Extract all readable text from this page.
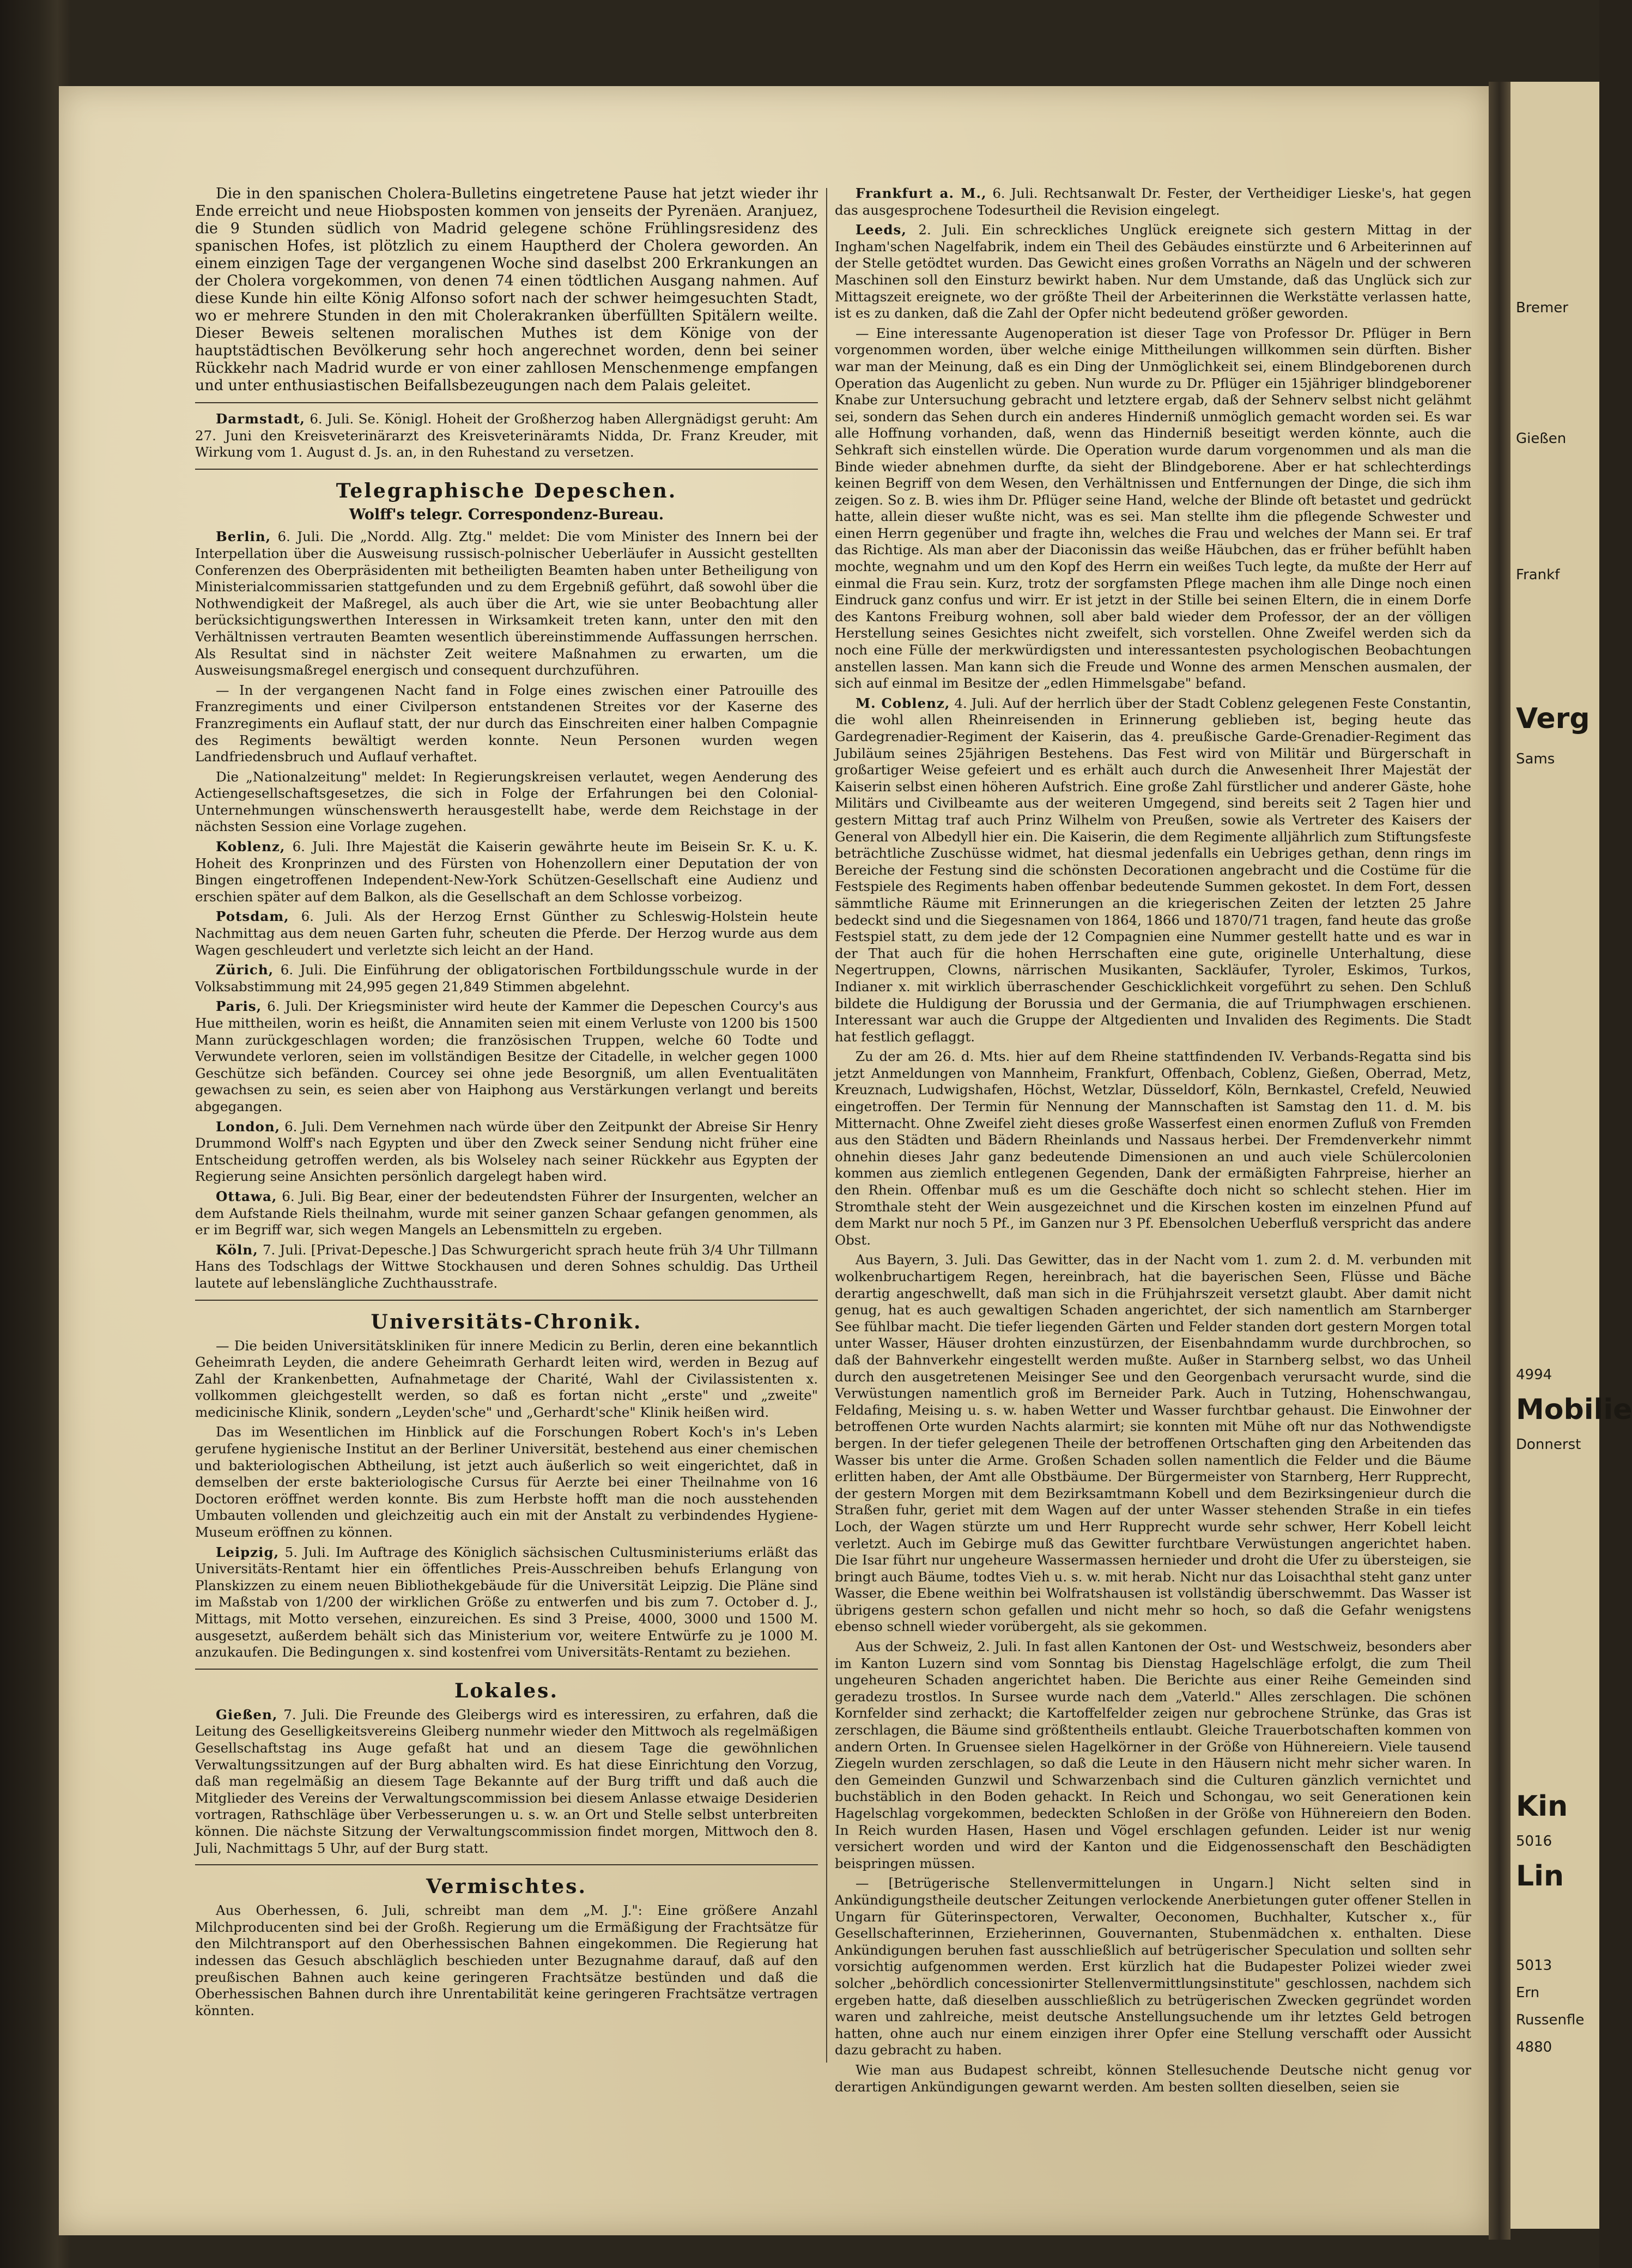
Bremer
Gießen
Frankf
Verg
Sams
4994
Mobilie
Donnerst
Kin
5016
Lin
5013
Ern
Russenfle
4880

Die in den spanischen Cholera-Bulletins eingetretene Pause hat jetzt wieder ihr Ende erreicht und neue Hiobsposten kommen von jenseits der Pyrenäen. Aranjuez, die 9 Stunden südlich von Madrid gelegene schöne Frühlingsresidenz des spanischen Hofes, ist plötzlich zu einem Hauptherd der Cholera geworden. An einem einzigen Tage der vergangenen Woche sind daselbst 200 Erkrankungen an der Cholera vorgekommen, von denen 74 einen tödtlichen Ausgang nahmen. Auf diese Kunde hin eilte König Alfonso sofort nach der schwer heimgesuchten Stadt, wo er mehrere Stunden in den mit Cholerakranken überfüllten Spitälern weilte. Dieser Beweis seltenen moralischen Muthes ist dem Könige von der hauptstädtischen Bevölkerung sehr hoch angerechnet worden, denn bei seiner Rückkehr nach Madrid wurde er von einer zahllosen Menschenmenge empfangen und unter enthusiastischen Beifallsbezeugungen nach dem Palais geleitet.

Darmstadt, 6. Juli. Se. Königl. Hoheit der Großherzog haben Allergnädigst geruht: Am 27. Juni den Kreisveterinärarzt des Kreisveterinäramts Nidda, Dr. Franz Kreuder, mit Wirkung vom 1. August d. Js. an, in den Ruhestand zu versetzen.

Telegraphische Depeschen.
Wolff's telegr. Correspondenz-Bureau.

Berlin, 6. Juli. Die „Nordd. Allg. Ztg." meldet: Die vom Minister des Innern bei der Interpellation über die Ausweisung russisch-polnischer Ueberläufer in Aussicht gestellten Conferenzen des Oberpräsidenten mit betheiligten Beamten haben unter Betheiligung von Ministerialcommissarien stattgefunden und zu dem Ergebniß geführt, daß sowohl über die Nothwendigkeit der Maßregel, als auch über die Art, wie sie unter Beobachtung aller berücksichtigungswerthen Interessen in Wirksamkeit treten kann, unter den mit den Verhältnissen vertrauten Beamten wesentlich übereinstimmende Auffassungen herrschen. Als Resultat sind in nächster Zeit weitere Maßnahmen zu erwarten, um die Ausweisungsmaßregel energisch und consequent durchzuführen.

— In der vergangenen Nacht fand in Folge eines zwischen einer Patrouille des Franzregiments und einer Civilperson entstandenen Streites vor der Kaserne des Franzregiments ein Auflauf statt, der nur durch das Einschreiten einer halben Compagnie des Regiments bewältigt werden konnte. Neun Personen wurden wegen Landfriedensbruch und Auflauf verhaftet.

Die „Nationalzeitung" meldet: In Regierungskreisen verlautet, wegen Aenderung des Actiengesellschaftsgesetzes, die sich in Folge der Erfahrungen bei den Colonial-Unternehmungen wünschenswerth herausgestellt habe, werde dem Reichstage in der nächsten Session eine Vorlage zugehen.

Koblenz, 6. Juli. Ihre Majestät die Kaiserin gewährte heute im Beisein Sr. K. u. K. Hoheit des Kronprinzen und des Fürsten von Hohenzollern einer Deputation der von Bingen eingetroffenen Independent-New-York Schützen-Gesellschaft eine Audienz und erschien später auf dem Balkon, als die Gesellschaft an dem Schlosse vorbeizog.

Potsdam, 6. Juli. Als der Herzog Ernst Günther zu Schleswig-Holstein heute Nachmittag aus dem neuen Garten fuhr, scheuten die Pferde. Der Herzog wurde aus dem Wagen geschleudert und verletzte sich leicht an der Hand.

Zürich, 6. Juli. Die Einführung der obligatorischen Fortbildungsschule wurde in der Volksabstimmung mit 24,995 gegen 21,849 Stimmen abgelehnt.

Paris, 6. Juli. Der Kriegsminister wird heute der Kammer die Depeschen Courcy's aus Hue mittheilen, worin es heißt, die Annamiten seien mit einem Verluste von 1200 bis 1500 Mann zurückgeschlagen worden; die französischen Truppen, welche 60 Todte und Verwundete verloren, seien im vollständigen Besitze der Citadelle, in welcher gegen 1000 Geschütze sich befänden. Courcey sei ohne jede Besorgniß, um allen Eventualitäten gewachsen zu sein, es seien aber von Haiphong aus Verstärkungen verlangt und bereits abgegangen.

London, 6. Juli. Dem Vernehmen nach würde über den Zeitpunkt der Abreise Sir Henry Drummond Wolff's nach Egypten und über den Zweck seiner Sendung nicht früher eine Entscheidung getroffen werden, als bis Wolseley nach seiner Rückkehr aus Egypten der Regierung seine Ansichten persönlich dargelegt haben wird.

Ottawa, 6. Juli. Big Bear, einer der bedeutendsten Führer der Insurgenten, welcher an dem Aufstande Riels theilnahm, wurde mit seiner ganzen Schaar gefangen genommen, als er im Begriff war, sich wegen Mangels an Lebensmitteln zu ergeben.

Köln, 7. Juli. [Privat-Depesche.] Das Schwurgericht sprach heute früh 3/4 Uhr Tillmann Hans des Todschlags der Wittwe Stockhausen und deren Sohnes schuldig. Das Urtheil lautete auf lebenslängliche Zuchthausstrafe.

Universitäts-Chronik.

— Die beiden Universitätskliniken für innere Medicin zu Berlin, deren eine bekanntlich Geheimrath Leyden, die andere Geheimrath Gerhardt leiten wird, werden in Bezug auf Zahl der Krankenbetten, Aufnahmetage der Charité, Wahl der Civilassistenten x. vollkommen gleichgestellt werden, so daß es fortan nicht „erste" und „zweite" medicinische Klinik, sondern „Leyden'sche" und „Gerhardt'sche" Klinik heißen wird.

Das im Wesentlichen im Hinblick auf die Forschungen Robert Koch's in's Leben gerufene hygienische Institut an der Berliner Universität, bestehend aus einer chemischen und bakteriologischen Abtheilung, ist jetzt auch äußerlich so weit eingerichtet, daß in demselben der erste bakteriologische Cursus für Aerzte bei einer Theilnahme von 16 Doctoren eröffnet werden konnte. Bis zum Herbste hofft man die noch ausstehenden Umbauten vollenden und gleichzeitig auch ein mit der Anstalt zu verbindendes Hygiene-Museum eröffnen zu können.

Leipzig, 5. Juli. Im Auftrage des Königlich sächsischen Cultusministeriums erläßt das Universitäts-Rentamt hier ein öffentliches Preis-Ausschreiben behufs Erlangung von Planskizzen zu einem neuen Bibliothekgebäude für die Universität Leipzig. Die Pläne sind im Maßstab von 1/200 der wirklichen Größe zu entwerfen und bis zum 7. October d. J., Mittags, mit Motto versehen, einzureichen. Es sind 3 Preise, 4000, 3000 und 1500 M. ausgesetzt, außerdem behält sich das Ministerium vor, weitere Entwürfe zu je 1000 M. anzukaufen. Die Bedingungen x. sind kostenfrei vom Universitäts-Rentamt zu beziehen.

Lokales.

Gießen, 7. Juli. Die Freunde des Gleibergs wird es interessiren, zu erfahren, daß die Leitung des Geselligkeitsvereins Gleiberg nunmehr wieder den Mittwoch als regelmäßigen Gesellschaftstag ins Auge gefaßt hat und an diesem Tage die gewöhnlichen Verwaltungssitzungen auf der Burg abhalten wird. Es hat diese Einrichtung den Vorzug, daß man regelmäßig an diesem Tage Bekannte auf der Burg trifft und daß auch die Mitglieder des Vereins der Verwaltungscommission bei diesem Anlasse etwaige Desiderien vortragen, Rathschläge über Verbesserungen u. s. w. an Ort und Stelle selbst unterbreiten können. Die nächste Sitzung der Verwaltungscommission findet morgen, Mittwoch den 8. Juli, Nachmittags 5 Uhr, auf der Burg statt.

Vermischtes.

Aus Oberhessen, 6. Juli, schreibt man dem „M. J.": Eine größere Anzahl Milchproducenten sind bei der Großh. Regierung um die Ermäßigung der Frachtsätze für den Milchtransport auf den Oberhessischen Bahnen eingekommen. Die Regierung hat indessen das Gesuch abschläglich beschieden unter Bezugnahme darauf, daß auf den preußischen Bahnen auch keine geringeren Frachtsätze bestünden und daß die Oberhessischen Bahnen durch ihre Unrentabilität keine geringeren Frachtsätze vertragen könnten.

Frankfurt a. M., 6. Juli. Rechtsanwalt Dr. Fester, der Vertheidiger Lieske's, hat gegen das ausgesprochene Todesurtheil die Revision eingelegt.

Leeds, 2. Juli. Ein schreckliches Unglück ereignete sich gestern Mittag in der Ingham'schen Nagelfabrik, indem ein Theil des Gebäudes einstürzte und 6 Arbeiterinnen auf der Stelle getödtet wurden. Das Gewicht eines großen Vorraths an Nägeln und der schweren Maschinen soll den Einsturz bewirkt haben. Nur dem Umstande, daß das Unglück sich zur Mittagszeit ereignete, wo der größte Theil der Arbeiterinnen die Werkstätte verlassen hatte, ist es zu danken, daß die Zahl der Opfer nicht bedeutend größer geworden.

— Eine interessante Augenoperation ist dieser Tage von Professor Dr. Pflüger in Bern vorgenommen worden, über welche einige Mittheilungen willkommen sein dürften. Bisher war man der Meinung, daß es ein Ding der Unmöglichkeit sei, einem Blindgeborenen durch Operation das Augenlicht zu geben. Nun wurde zu Dr. Pflüger ein 15jähriger blindgeborener Knabe zur Untersuchung gebracht und letztere ergab, daß der Sehnerv selbst nicht gelähmt sei, sondern das Sehen durch ein anderes Hinderniß unmöglich gemacht worden sei. Es war alle Hoffnung vorhanden, daß, wenn das Hinderniß beseitigt werden könnte, auch die Sehkraft sich einstellen würde. Die Operation wurde darum vorgenommen und als man die Binde wieder abnehmen durfte, da sieht der Blindgeborene. Aber er hat schlechterdings keinen Begriff von dem Wesen, den Verhältnissen und Entfernungen der Dinge, die sich ihm zeigen. So z. B. wies ihm Dr. Pflüger seine Hand, welche der Blinde oft betastet und gedrückt hatte, allein dieser wußte nicht, was es sei. Man stellte ihm die pflegende Schwester und einen Herrn gegenüber und fragte ihn, welches die Frau und welches der Mann sei. Er traf das Richtige. Als man aber der Diaconissin das weiße Häubchen, das er früher befühlt haben mochte, wegnahm und um den Kopf des Herrn ein weißes Tuch legte, da mußte der Herr auf einmal die Frau sein. Kurz, trotz der sorgfamsten Pflege machen ihm alle Dinge noch einen Eindruck ganz confus und wirr. Er ist jetzt in der Stille bei seinen Eltern, die in einem Dorfe des Kantons Freiburg wohnen, soll aber bald wieder dem Professor, der an der völligen Herstellung seines Gesichtes nicht zweifelt, sich vorstellen. Ohne Zweifel werden sich da noch eine Fülle der merkwürdigsten und interessantesten psychologischen Beobachtungen anstellen lassen. Man kann sich die Freude und Wonne des armen Menschen ausmalen, der sich auf einmal im Besitze der „edlen Himmelsgabe" befand.

M. Coblenz, 4. Juli. Auf der herrlich über der Stadt Coblenz gelegenen Feste Constantin, die wohl allen Rheinreisenden in Erinnerung geblieben ist, beging heute das Gardegrenadier-Regiment der Kaiserin, das 4. preußische Garde-Grenadier-Regiment das Jubiläum seines 25jährigen Bestehens. Das Fest wird von Militär und Bürgerschaft in großartiger Weise gefeiert und es erhält auch durch die Anwesenheit Ihrer Majestät der Kaiserin selbst einen höheren Aufstrich. Eine große Zahl fürstlicher und anderer Gäste, hohe Militärs und Civilbeamte aus der weiteren Umgegend, sind bereits seit 2 Tagen hier und gestern Mittag traf auch Prinz Wilhelm von Preußen, sowie als Vertreter des Kaisers der General von Albedyll hier ein. Die Kaiserin, die dem Regimente alljährlich zum Stiftungsfeste beträchtliche Zuschüsse widmet, hat diesmal jedenfalls ein Uebriges gethan, denn rings im Bereiche der Festung sind die schönsten Decorationen angebracht und die Costüme für die Festspiele des Regiments haben offenbar bedeutende Summen gekostet. In dem Fort, dessen sämmtliche Räume mit Erinnerungen an die kriegerischen Zeiten der letzten 25 Jahre bedeckt sind und die Siegesnamen von 1864, 1866 und 1870/71 tragen, fand heute das große Festspiel statt, zu dem jede der 12 Compagnien eine Nummer gestellt hatte und es war in der That auch für die hohen Herrschaften eine gute, originelle Unterhaltung, diese Negertruppen, Clowns, närrischen Musikanten, Sackläufer, Tyroler, Eskimos, Turkos, Indianer x. mit wirklich überraschender Geschicklichkeit vorgeführt zu sehen. Den Schluß bildete die Huldigung der Borussia und der Germania, die auf Triumphwagen erschienen. Interessant war auch die Gruppe der Altgedienten und Invaliden des Regiments. Die Stadt hat festlich geflaggt.

Zu der am 26. d. Mts. hier auf dem Rheine stattfindenden IV. Verbands-Regatta sind bis jetzt Anmeldungen von Mannheim, Frankfurt, Offenbach, Coblenz, Gießen, Oberrad, Metz, Kreuznach, Ludwigshafen, Höchst, Wetzlar, Düsseldorf, Köln, Bernkastel, Crefeld, Neuwied eingetroffen. Der Termin für Nennung der Mannschaften ist Samstag den 11. d. M. bis Mitternacht. Ohne Zweifel zieht dieses große Wasserfest einen enormen Zufluß von Fremden aus den Städten und Bädern Rheinlands und Nassaus herbei. Der Fremdenverkehr nimmt ohnehin dieses Jahr ganz bedeutende Dimensionen an und auch viele Schülercolonien kommen aus ziemlich entlegenen Gegenden, Dank der ermäßigten Fahrpreise, hierher an den Rhein. Offenbar muß es um die Geschäfte doch nicht so schlecht stehen. Hier im Stromthale steht der Wein ausgezeichnet und die Kirschen kosten im einzelnen Pfund auf dem Markt nur noch 5 Pf., im Ganzen nur 3 Pf. Ebensolchen Ueberfluß verspricht das andere Obst.

Aus Bayern, 3. Juli. Das Gewitter, das in der Nacht vom 1. zum 2. d. M. verbunden mit wolkenbruchartigem Regen, hereinbrach, hat die bayerischen Seen, Flüsse und Bäche derartig angeschwellt, daß man sich in die Frühjahrszeit versetzt glaubt. Aber damit nicht genug, hat es auch gewaltigen Schaden angerichtet, der sich namentlich am Starnberger See fühlbar macht. Die tiefer liegenden Gärten und Felder standen dort gestern Morgen total unter Wasser, Häuser drohten einzustürzen, der Eisenbahndamm wurde durchbrochen, so daß der Bahnverkehr eingestellt werden mußte. Außer in Starnberg selbst, wo das Unheil durch den ausgetretenen Meisinger See und den Georgenbach verursacht wurde, sind die Verwüstungen namentlich groß im Berneider Park. Auch in Tutzing, Hohenschwangau, Feldafing, Meising u. s. w. haben Wetter und Wasser furchtbar gehaust. Die Einwohner der betroffenen Orte wurden Nachts alarmirt; sie konnten mit Mühe oft nur das Nothwendigste bergen. In der tiefer gelegenen Theile der betroffenen Ortschaften ging den Arbeitenden das Wasser bis unter die Arme. Großen Schaden sollen namentlich die Felder und die Bäume erlitten haben, der Amt alle Obstbäume. Der Bürgermeister von Starnberg, Herr Rupprecht, der gestern Morgen mit dem Bezirksamtmann Kobell und dem Bezirksingenieur durch die Straßen fuhr, geriet mit dem Wagen auf der unter Wasser stehenden Straße in ein tiefes Loch, der Wagen stürzte um und Herr Rupprecht wurde sehr schwer, Herr Kobell leicht verletzt. Auch im Gebirge muß das Gewitter furchtbare Verwüstungen angerichtet haben. Die Isar führt nur ungeheure Wassermassen hernieder und droht die Ufer zu übersteigen, sie bringt auch Bäume, todtes Vieh u. s. w. mit herab. Nicht nur das Loisachthal steht ganz unter Wasser, die Ebene weithin bei Wolfratshausen ist vollständig überschwemmt. Das Wasser ist übrigens gestern schon gefallen und nicht mehr so hoch, so daß die Gefahr wenigstens ebenso schnell wieder vorübergeht, als sie gekommen.

Aus der Schweiz, 2. Juli. In fast allen Kantonen der Ost- und Westschweiz, besonders aber im Kanton Luzern sind vom Sonntag bis Dienstag Hagelschläge erfolgt, die zum Theil ungeheuren Schaden angerichtet haben. Die Berichte aus einer Reihe Gemeinden sind geradezu trostlos. In Sursee wurde nach dem „Vaterld." Alles zerschlagen. Die schönen Kornfelder sind zerhackt; die Kartoffelfelder zeigen nur gebrochene Strünke, das Gras ist zerschlagen, die Bäume sind größtentheils entlaubt. Gleiche Trauerbotschaften kommen von andern Orten. In Gruensee sielen Hagelkörner in der Größe von Hühnereiern. Viele tausend Ziegeln wurden zerschlagen, so daß die Leute in den Häusern nicht mehr sicher waren. In den Gemeinden Gunzwil und Schwarzenbach sind die Culturen gänzlich vernichtet und buchstäblich in den Boden gehackt. In Reich und Schongau, wo seit Generationen kein Hagelschlag vorgekommen, bedeckten Schloßen in der Größe von Hühnereiern den Boden. In Reich wurden Hasen, Hasen und Vögel erschlagen gefunden. Leider ist nur wenig versichert worden und wird der Kanton und die Eidgenossenschaft den Beschädigten beispringen müssen.

— [Betrügerische Stellenvermittelungen in Ungarn.] Nicht selten sind in Ankündigungstheile deutscher Zeitungen verlockende Anerbietungen guter offener Stellen in Ungarn für Güterinspectoren, Verwalter, Oeconomen, Buchhalter, Kutscher x., für Gesellschafterinnen, Erzieherinnen, Gouvernanten, Stubenmädchen x. enthalten. Diese Ankündigungen beruhen fast ausschließlich auf betrügerischer Speculation und sollten sehr vorsichtig aufgenommen werden. Erst kürzlich hat die Budapester Polizei wieder zwei solcher „behördlich concessionirter Stellenvermittlungsinstitute" geschlossen, nachdem sich ergeben hatte, daß dieselben ausschließlich zu betrügerischen Zwecken gegründet worden waren und zahlreiche, meist deutsche Anstellungsuchende um ihr letztes Geld betrogen hatten, ohne auch nur einem einzigen ihrer Opfer eine Stellung verschafft oder Aussicht dazu gebracht zu haben.

Wie man aus Budapest schreibt, können Stellesuchende Deutsche nicht genug vor derartigen Ankündigungen gewarnt werden. Am besten sollten dieselben, seien sie
